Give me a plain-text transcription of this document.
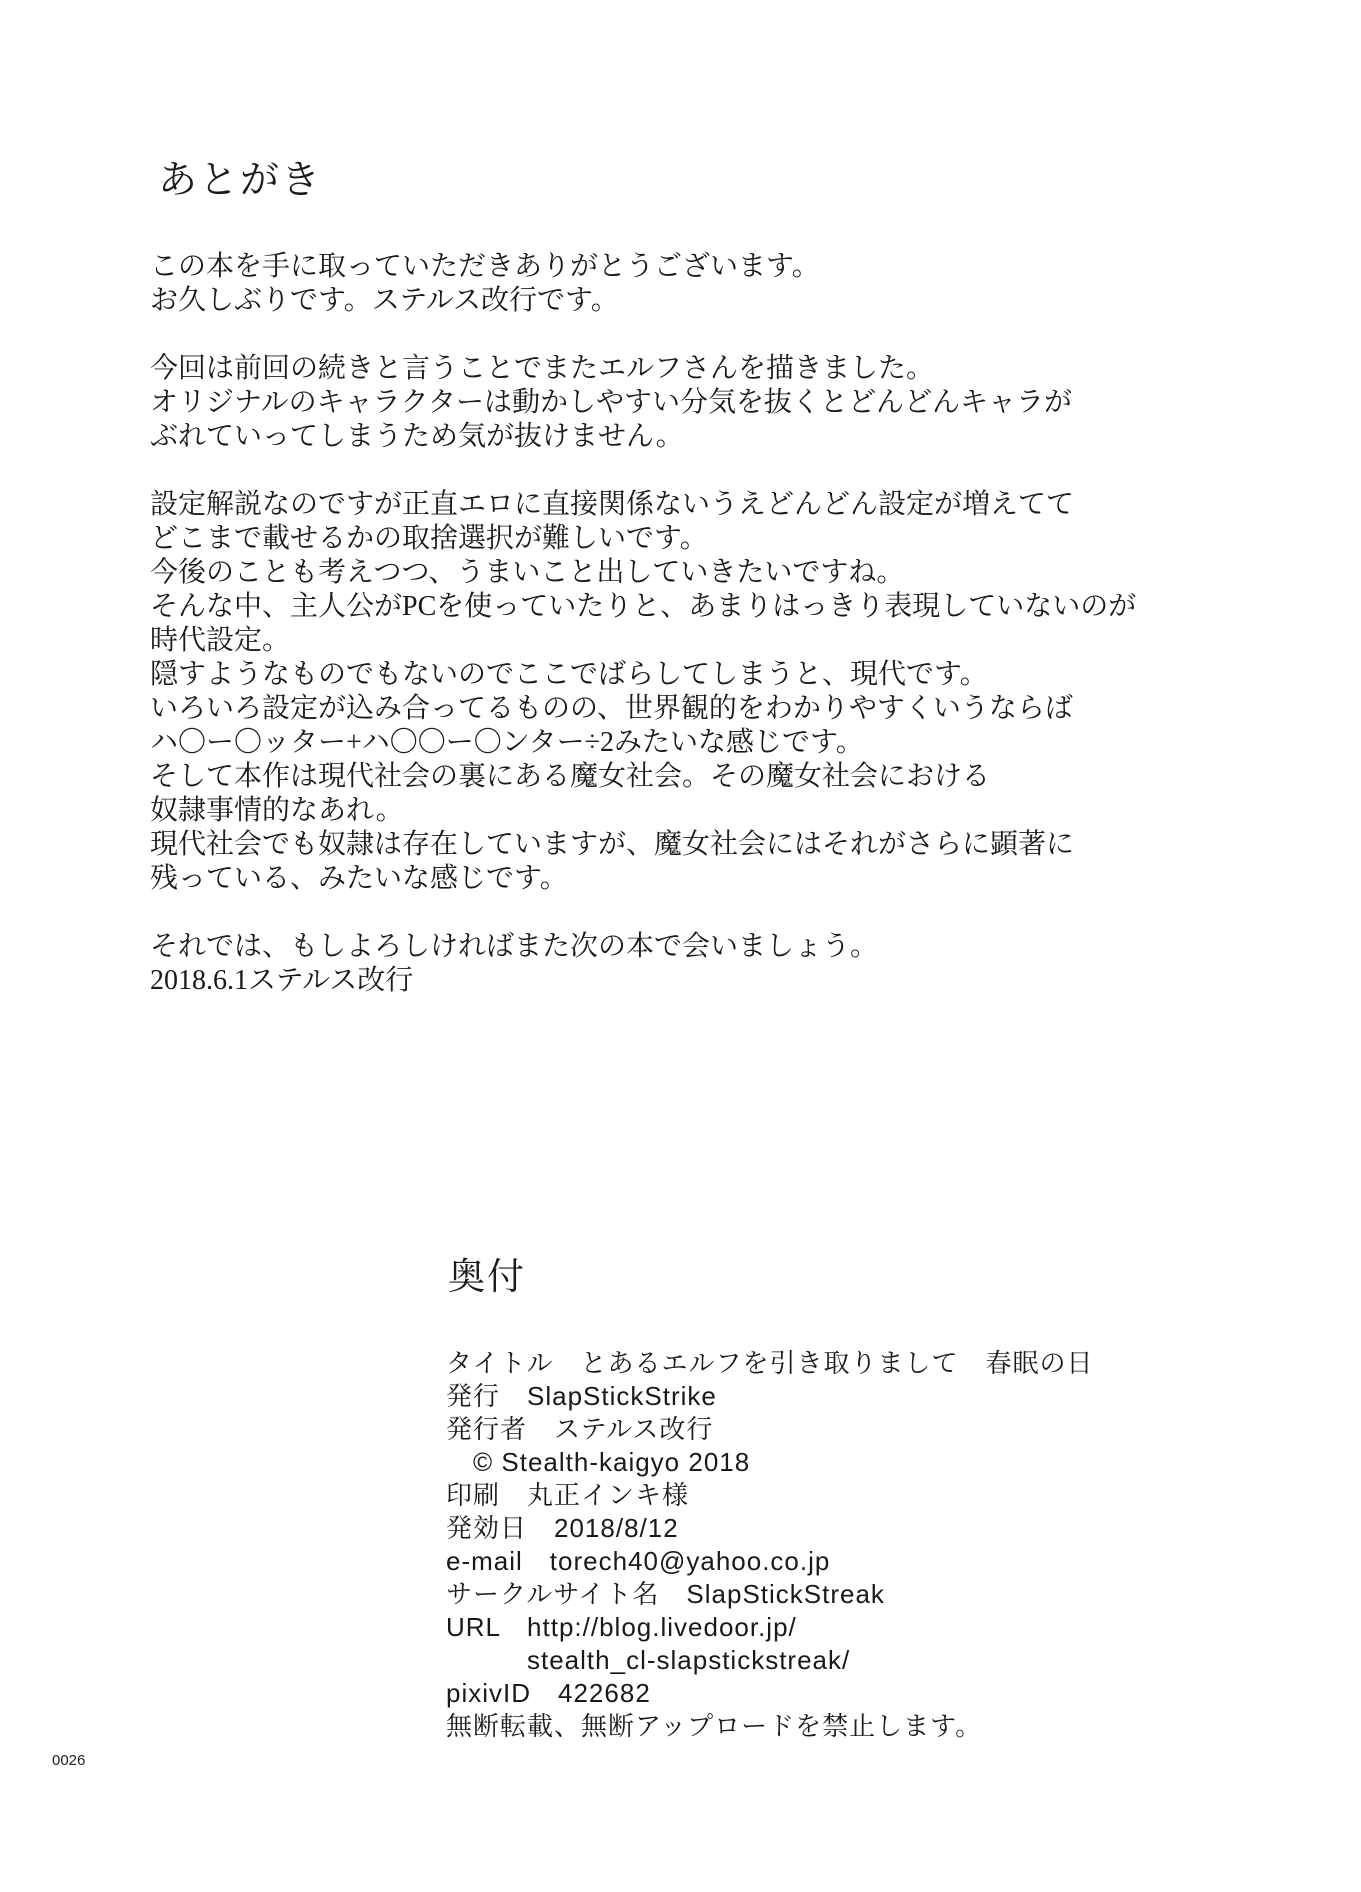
あとがき
この本を手に取っていただきありがとうございます。
お久しぶりです。ステルス改行です。
今回は前回の続きと言うことでまたエルフさんを描きました。
オリジナルのキャラクターは動かしやすい分気を抜くとどんどんキャラが
ぶれていってしまうため気が抜けません。
設定解説なのですが正直エロに直接関係ないうえどんどん設定が増えてて
どこまで載せるかの取捨選択が難しいです。
今後のことも考えつつ、うまいこと出していきたいですね。
そんな中、主人公がPCを使っていたりと、あまりはっきり表現していないのが
時代設定。
隠すようなものでもないのでここでばらしてしまうと、現代です。
いろいろ設定が込み合ってるものの、世界観的をわかりやすくいうならば
ハ〇ー〇ッター+ハ〇〇ー〇ンター÷2みたいな感じです。
そして本作は現代社会の裏にある魔女社会。その魔女社会における
奴隷事情的なあれ。
現代社会でも奴隷は存在していますが、魔女社会にはそれがさらに顕著に
残っている、みたいな感じです。
それでは、もしよろしければまた次の本で会いましょう。
2018.6.1ステルス改行
奥付
タイトル　とあるエルフを引き取りまして　春眠の日
発行　SlapStickStrike
発行者　ステルス改行
　© Stealth-kaigyo 2018
印刷　丸正インキ様
発効日　2018/8/12
e-mail　torech40@yahoo.co.jp
サークルサイト名　SlapStickStreak
URL　http://blog.livedoor.jp/
　　　stealth_cl-slapstickstreak/
pixivID　422682
無断転載、無断アップロードを禁止します。
0026
